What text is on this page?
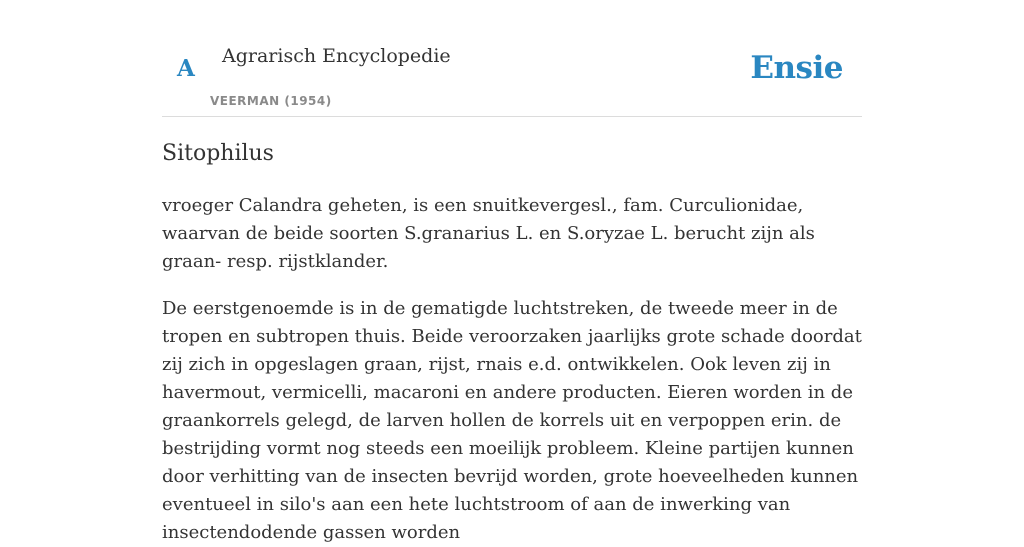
A Agrarisch Encyclopedie
VEERMAN (1954)
Ensie
Sitophilus

vroeger Calandra geheten, is een snuitkevergesl., fam. Curculionidae, waarvan de beide soorten S.granarius L. en S.oryzae L. berucht zijn als graan- resp. rijstklander.

De eerstgenoemde is in de gematigde luchtstreken, de tweede meer in de tropen en subtropen thuis. Beide veroorzaken jaarlijks grote schade doordat zij zich in opgeslagen graan, rijst, rnais e.d. ontwikkelen. Ook leven zij in havermout, vermicelli, macaroni en andere producten. Eieren worden in de graankorrels gelegd, de larven hollen de korrels uit en verpoppen erin. de bestrijding vormt nog steeds een moeilijk probleem. Kleine partijen kunnen door verhitting van de insecten bevrijd worden, grote hoeveelheden kunnen eventueel in silo's aan een hete luchtstroom of aan de inwerking van insectendodende gassen worden
